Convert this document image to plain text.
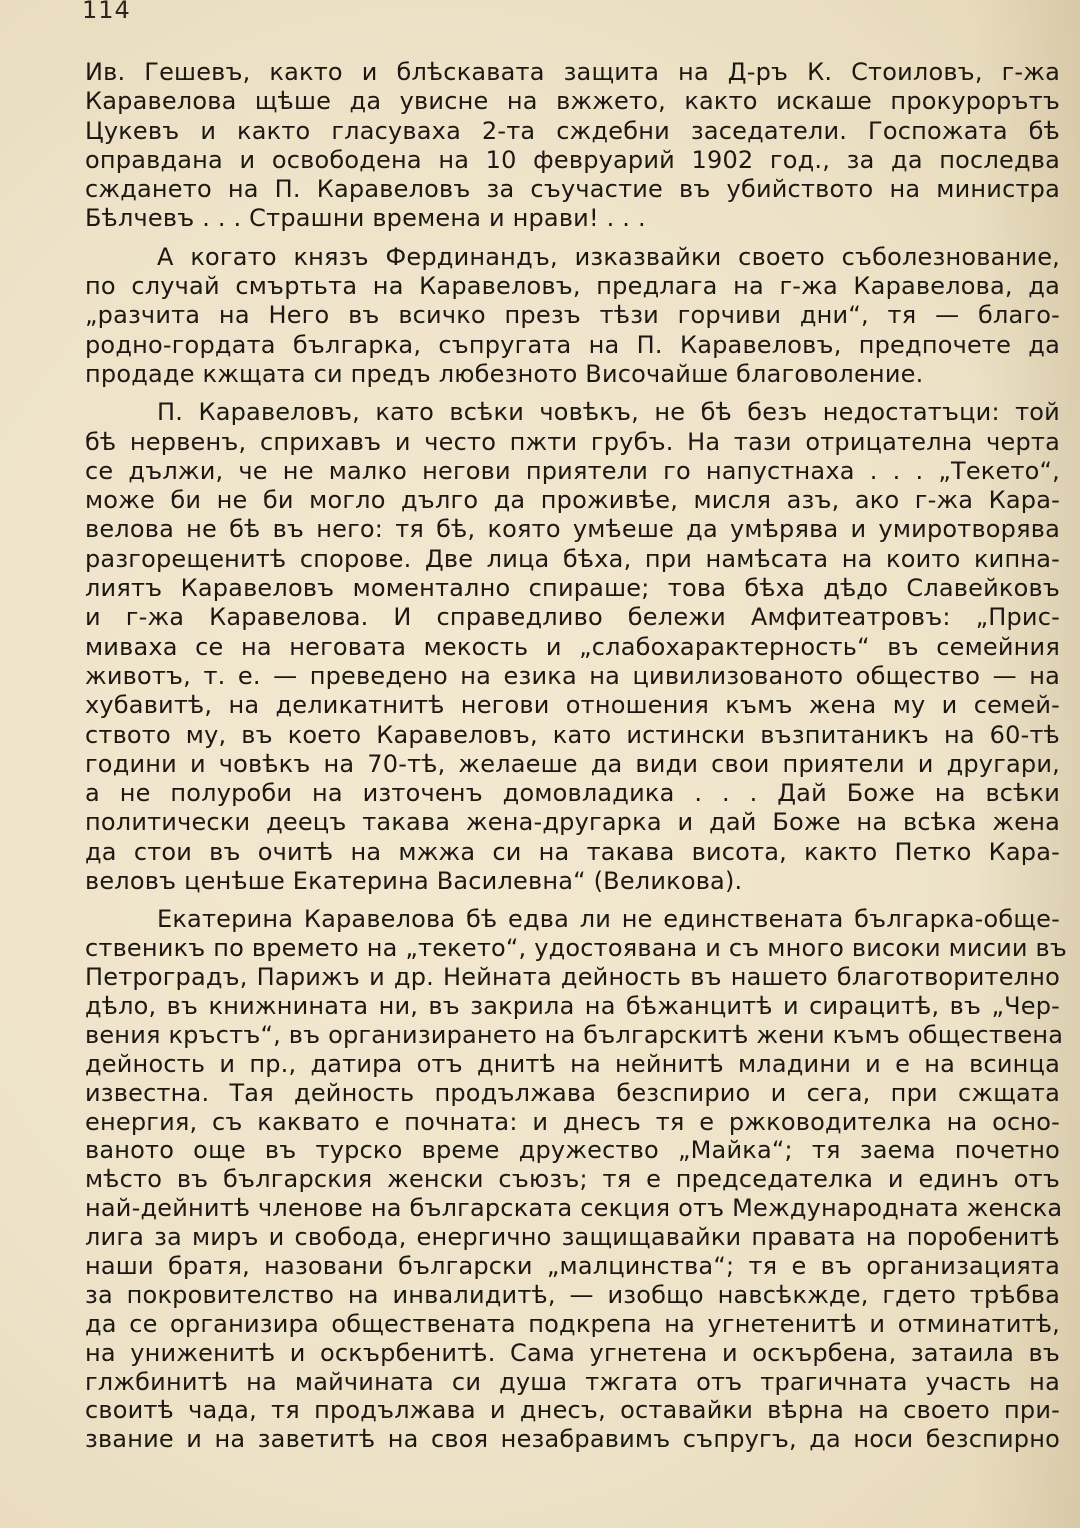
114
Ив. Гешевъ, както и блѣскавата защита на Д-ръ К. Стоиловъ, г-жа
Каравелова щѣше да увисне на вжжето, както искаше прокурорътъ
Цукевъ и както гласуваха 2-та сждебни заседатели. Госпожата бѣ
оправдана и освободена на 10 февруарий 1902 год., за да последва
сждането на П. Каравеловъ за съучастие въ убийството на министра
Бѣлчевъ . . . Страшни времена и нрави! . . .
А когато князъ Фердинандъ, изказвайки своето съболезнование,
по случай смъртьта на Каравеловъ, предлага на г-жа Каравелова, да
„разчита на Него въ всичко презъ тѣзи горчиви дни“, тя — благо-
родно-гордата българка, съпругата на П. Каравеловъ, предпочете да
продаде кжщата си предъ любезното Височайше благоволение.
П. Каравеловъ, като всѣки човѣкъ, не бѣ безъ недостатъци: той
бѣ нервенъ, сприхавъ и често пжти грубъ. На тази отрицателна черта
се дължи, че не малко негови приятели го напустнаха . . . „Текето“,
може би не би могло дълго да проживѣе, мисля азъ, ако г-жа Кара-
велова не бѣ въ него: тя бѣ, която умѣеше да умѣрява и умиротворява
разгорещенитѣ спорове. Две лица бѣха, при намѣсата на които кипна-
лиятъ Каравеловъ моментално спираше; това бѣха дѣдо Славейковъ
и г-жа Каравелова. И справедливо бележи Амфитеатровъ: „Прис-
миваха се на неговата мекость и „слабохарактерность“ въ семейния
животъ, т. е. — преведено на езика на цивилизованото общество — на
хубавитѣ, на деликатнитѣ негови отношения къмъ жена му и семей-
ството му, въ което Каравеловъ, като истински възпитаникъ на 60-тѣ
години и човѣкъ на 70-тѣ, желаеше да види свои приятели и другари,
а не полуроби на източенъ домовладика . . . Дай Боже на всѣки
политически деецъ такава жена-другарка и дай Боже на всѣка жена
да стои въ очитѣ на мжжа си на такава висота, както Петко Кара-
веловъ ценѣше Екатерина Василевна“ (Великова).
Екатерина Каравелова бѣ едва ли не единствената българка-обще-
ственикъ по времето на „текето“, удостоявана и съ много високи мисии въ
Петроградъ, Парижъ и др. Нейната дейность въ нашето благотворително
дѣло, въ книжнината ни, въ закрила на бѣжанцитѣ и сирацитѣ, въ „Чер-
вения кръстъ“, въ организирането на българскитѣ жени къмъ обществена
дейность и пр., датира отъ днитѣ на нейнитѣ младини и е на всинца
известна. Тая дейность продължава безспирио и сега, при сжщата
енергия, съ каквато е почната: и днесъ тя е ржководителка на осно-
ваното още въ турско време дружество „Майка“; тя заема почетно
мѣсто въ българския женски съюзъ; тя е председателка и единъ отъ
най-дейнитѣ членове на българската секция отъ Международната женска
лига за миръ и свобода, енергично защищавайки правата на поробенитѣ
наши братя, назовани български „малцинства“; тя е въ организацията
за покровителство на инвалидитѣ, — изобщо навсѣкжде, гдето трѣбва
да се организира обществената подкрепа на угнетенитѣ и отминатитѣ,
на униженитѣ и оскърбенитѣ. Сама угнетена и оскърбена, затаила въ
глжбинитѣ на майчината си душа тжгата отъ трагичната участь на
своитѣ чада, тя продължава и днесъ, оставайки вѣрна на своето при-
звание и на заветитѣ на своя незабравимъ съпругъ, да носи безспирно
